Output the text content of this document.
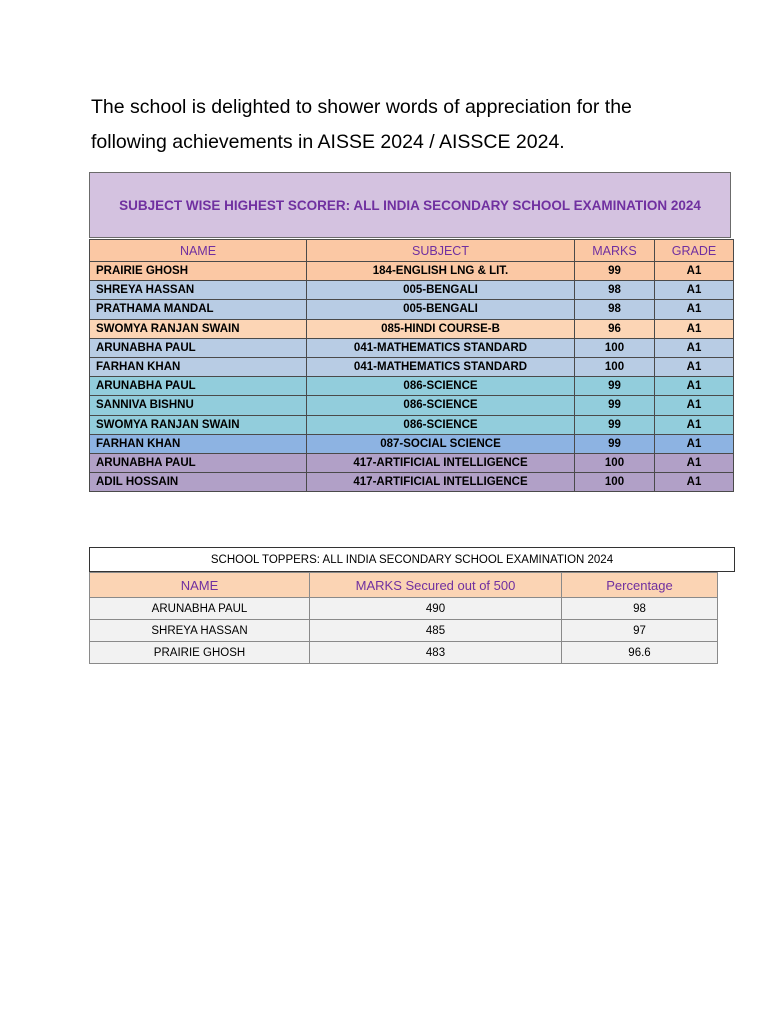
The school is delighted to shower words of appreciation for the

following achievements in AISSE 2024 / AISSCE 2024.

SUBJECT WISE HIGHEST SCORER: ALL INDIA SECONDARY SCHOOL EXAMINATION 2024
NAME	SUBJECT	MARKS	GRADE
PRAIRIE GHOSH	184-ENGLISH LNG & LIT.	99	A1
SHREYA HASSAN	005-BENGALI	98	A1
PRATHAMA MANDAL	005-BENGALI	98	A1
SWOMYA RANJAN SWAIN	085-HINDI COURSE-B	96	A1
ARUNABHA PAUL	041-MATHEMATICS STANDARD	100	A1
FARHAN KHAN	041-MATHEMATICS STANDARD	100	A1
ARUNABHA PAUL	086-SCIENCE	99	A1
SANNIVA BISHNU	086-SCIENCE	99	A1
SWOMYA RANJAN SWAIN	086-SCIENCE	99	A1
FARHAN KHAN	087-SOCIAL SCIENCE	99	A1
ARUNABHA PAUL	417-ARTIFICIAL INTELLIGENCE	100	A1
ADIL HOSSAIN	417-ARTIFICIAL INTELLIGENCE	100	A1
SCHOOL TOPPERS: ALL INDIA SECONDARY SCHOOL EXAMINATION 2024
NAME	MARKS Secured out of 500	Percentage
ARUNABHA PAUL	490	98
SHREYA HASSAN	485	97
PRAIRIE GHOSH	483	96.6
